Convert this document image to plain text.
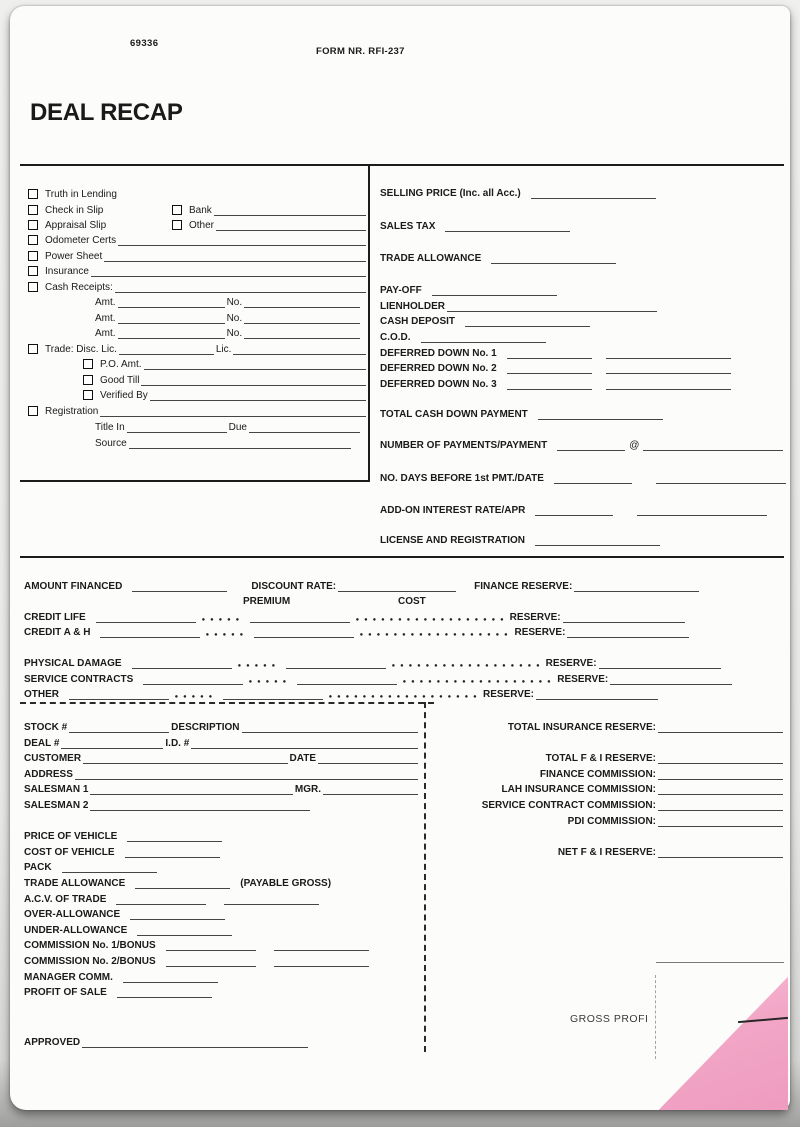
69336
FORM NR. RFI-237
DEAL RECAP
Truth in Lending
Check in Slip	Bank
Appraisal Slip	Other
Odometer Certs
Power Sheet
Insurance
Cash Receipts:
Amt.	No.
Amt.	No.
Amt.	No.
Trade: Disc. Lic.	Lic.
P.O. Amt.
Good Till
Verified By
Registration
Title In	Due
Source
SELLING PRICE (Inc. all Acc.)
SALES TAX
TRADE ALLOWANCE
PAY-OFF
LIENHOLDER
CASH DEPOSIT
C.O.D.
DEFERRED DOWN No. 1
DEFERRED DOWN No. 2
DEFERRED DOWN No. 3
TOTAL CASH DOWN PAYMENT
NUMBER OF PAYMENTS/PAYMENT	@
NO. DAYS BEFORE 1st PMT./DATE
ADD-ON INTEREST RATE/APR
LICENSE AND REGISTRATION
AMOUNT FINANCED	DISCOUNT RATE:	FINANCE RESERVE:
PREMIUM	COST
CREDIT LIFE	RESERVE:
CREDIT A & H	RESERVE:
PHYSICAL DAMAGE	RESERVE:
SERVICE CONTRACTS	RESERVE:
OTHER	RESERVE:
STOCK #	DESCRIPTION
DEAL #	I.D. #
CUSTOMER	DATE
ADDRESS
SALESMAN 1	MGR.
SALESMAN 2
PRICE OF VEHICLE
COST OF VEHICLE
PACK
TRADE ALLOWANCE	(PAYABLE GROSS)
A.C.V. OF TRADE
OVER-ALLOWANCE
UNDER-ALLOWANCE
COMMISSION No. 1/BONUS
COMMISSION No. 2/BONUS
MANAGER COMM.
PROFIT OF SALE
APPROVED
TOTAL INSURANCE RESERVE:
TOTAL F & I RESERVE:
FINANCE COMMISSION:
LAH INSURANCE COMMISSION:
SERVICE CONTRACT COMMISSION:
PDI COMMISSION:
NET F & I RESERVE:
GROSS PROFI
